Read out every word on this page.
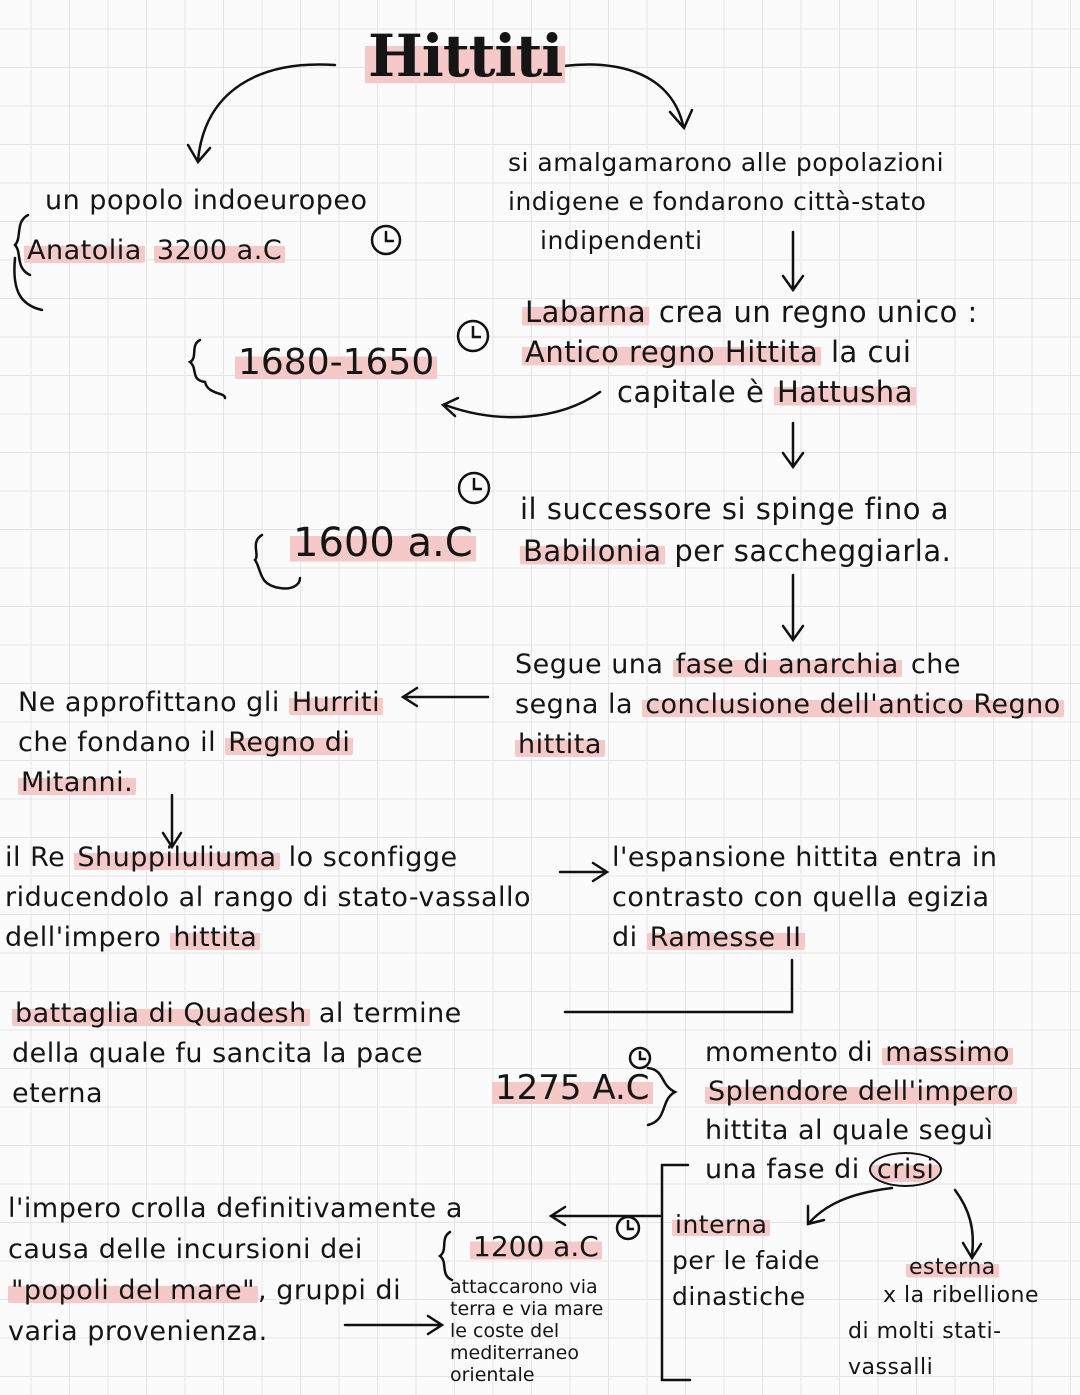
Hittiti
un popolo indoeuropeo
Anatolia 3200 a.C
si amalgamarono alle popolazioni
indigene e fondarono città-stato
indipendenti
1680-1650
Labarna crea un regno unico :
Antico regno Hittita la cui
capitale è Hattusha
1600 a.C
il successore si spinge fino a
Babilonia per saccheggiarla.
Segue una fase di anarchia che
segna la conclusione dell'antico Regno
hittita
Ne approfittano gli Hurriti
che fondano il Regno di
Mitanni.
il Re Shuppiluliuma lo sconfigge
riducendolo al rango di stato-vassallo
dell'impero hittita
l'espansione hittita entra in
contrasto con quella egizia
di Ramesse II
battaglia di Quadesh al termine
della quale fu sancita la pace
eterna	1275 A.C
momento di massimo
Splendore dell'impero
hittita al quale seguì
una fase di crisi
l'impero crolla definitivamente a
causa delle incursioni dei
"popoli del mare" , gruppi di
varia provenienza.
1200 a.C
attaccarono via
terra e via mare
le coste del
mediterraneo
orientale
interna
per le faide
dinastiche
esterna
x la ribellione
di molti stati-
vassalli
